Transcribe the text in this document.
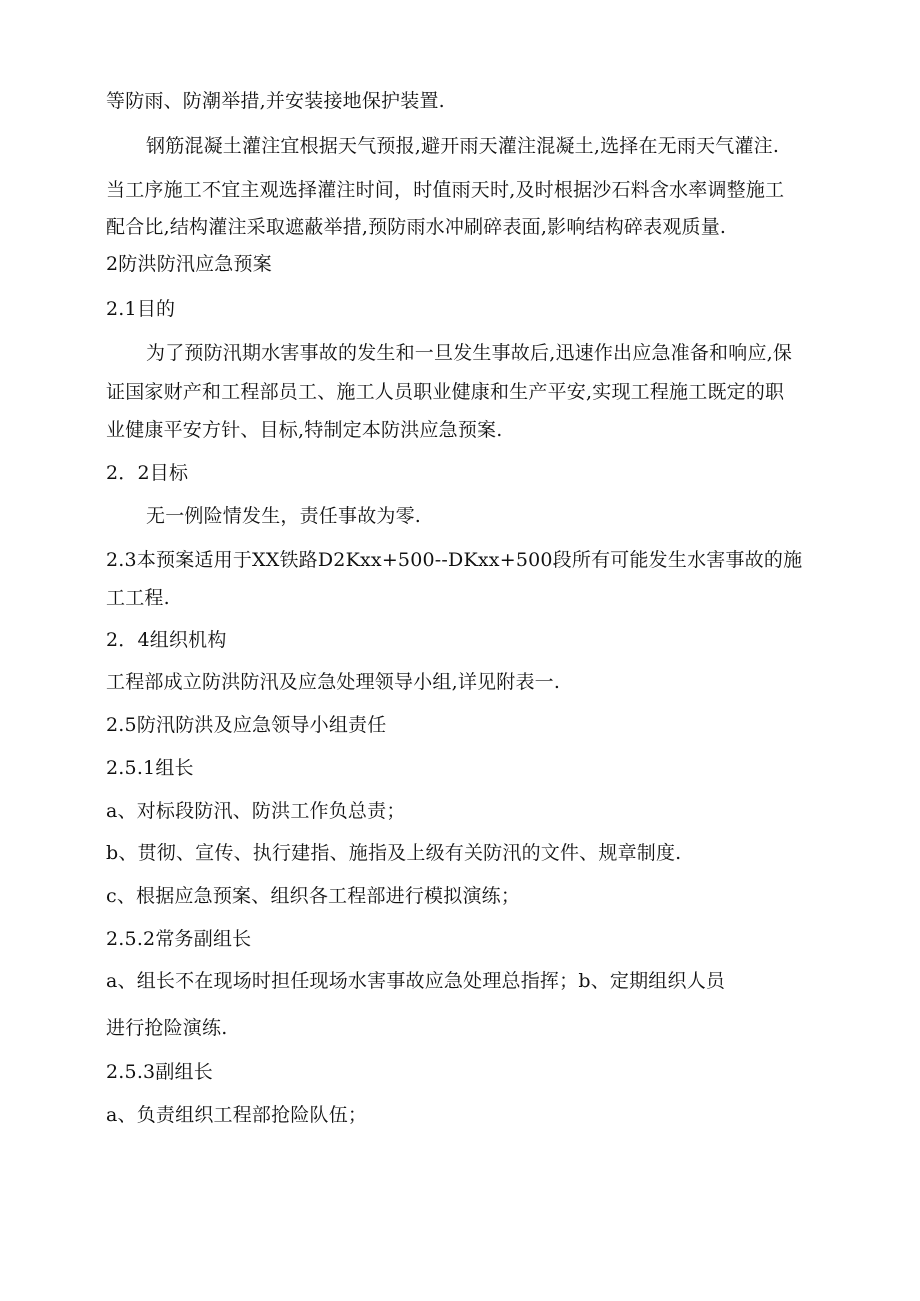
等防雨、防潮举措,并安装接地保护装置.
钢筋混凝土灌注宜根据天气预报,避开雨天灌注混凝土,选择在无雨天气灌注.
当工序施工不宜主观选择灌注时间，时值雨天时,及时根据沙石料含水率调整施工
配合比,结构灌注采取遮蔽举措,预防雨水冲刷碎表面,影响结构碎表观质量.
2防洪防汛应急预案
2.1目的
为了预防汛期水害事故的发生和一旦发生事故后,迅速作出应急准备和响应,保
证国家财产和工程部员工、施工人员职业健康和生产平安,实现工程施工既定的职
业健康平安方针、目标,特制定本防洪应急预案.
2．2目标
无一例险情发生，责任事故为零.
2.3本预案适用于XX铁路D2Kxx+500--DKxx+500段所有可能发生水害事故的施
工工程.
2．4组织机构
工程部成立防洪防汛及应急处理领导小组,详见附表一.
2.5防汛防洪及应急领导小组责任
2.5.1组长
a、对标段防汛、防洪工作负总责；
b、贯彻、宣传、执行建指、施指及上级有关防汛的文件、规章制度.
c、根据应急预案、组织各工程部进行模拟演练；
2.5.2常务副组长
a、组长不在现场时担任现场水害事故应急处理总指挥；b、定期组织人员
进行抢险演练.
2.5.3副组长
a、负责组织工程部抢险队伍；
